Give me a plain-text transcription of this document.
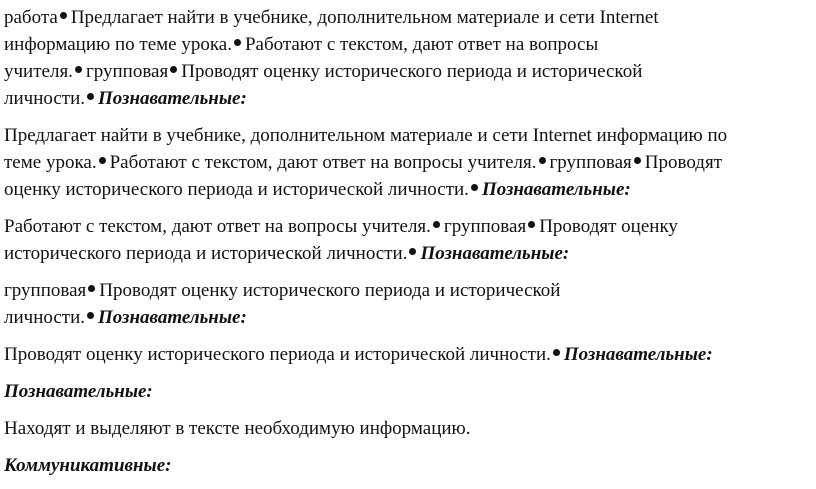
работа Предлагает найти в учебнике, дополнительном материале и сети Internet
информацию по теме урока. Работают с текстом, дают ответ на вопросы
учителя. групповая Проводят оценку исторического периода и исторической
личности. Познавательные:

Предлагает найти в учебнике, дополнительном материале и сети Internet информацию по
теме урока. Работают с текстом, дают ответ на вопросы учителя. групповая Проводят
оценку исторического периода и исторической личности. Познавательные:

Работают с текстом, дают ответ на вопросы учителя. групповая Проводят оценку
исторического периода и исторической личности. Познавательные:

групповая Проводят оценку исторического периода и исторической
личности. Познавательные:

Проводят оценку исторического периода и исторической личности. Познавательные:

Познавательные:

Находят и выделяют в тексте необходимую информацию.

Коммуникативные:
